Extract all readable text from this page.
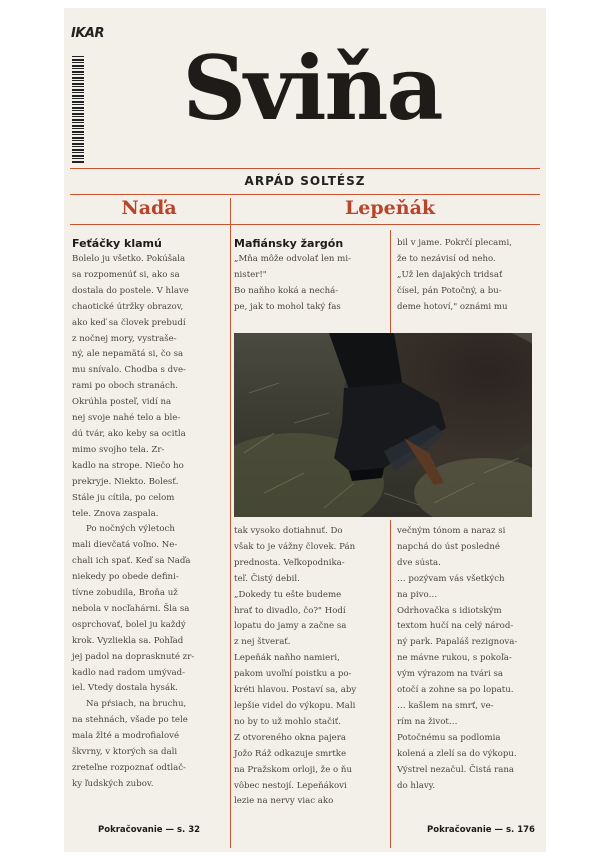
IKAR
Sviňa
ARPÁD SOLTÉSZ
Naďa	Lepeňák
Feťáčky klamú

Bolelo ju všetko. Pokúšala

sa rozpomenúť si, ako sa

dostala do postele. V hlave

chaotické útržky obrazov,

ako keď sa človek prebudí

z nočnej mory, vystraše-

ný, ale nepamätá si, čo sa

mu snívalo. Chodba s dve-

rami po oboch stranách.

Okrúhla posteľ, vidí na

nej svoje nahé telo a ble-

dú tvár, ako keby sa ocitla

mimo svojho tela. Zr-

kadlo na strope. Niečo ho

prekryje. Niekto. Bolesť.

Stále ju cítila, po celom

tele. Znova zaspala.

Po nočných výletoch

mali dievčatá voľno. Ne-

chali ich spať. Keď sa Naďa

niekedy po obede defini-

tívne zobudila, Broňa už

nebola v nocľahárni. Šla sa

osprchovať, bolel ju každý

krok. Vyzliekla sa. Pohľad

jej padol na doprasknuté zr-

kadlo nad radom umývad-

iel. Vtedy dostala hysák.

Na pŕsiach, na bruchu,

na stehnách, všade po tele

mala žlté a modrofialové

škvrny, v ktorých sa dali

zreteľne rozpoznať odtlač-

ky ľudských zubov.

Pokračovanie — s. 32
Mafiánsky žargón

„Mňa môže odvolať len mi-

nister!"

Bo naňho koká a nechá-

pe, jak to mohol taký fas

bil v jame. Pokrčí plecami,

že to nezávisí od neho.

„Už len dajakých tridsať

čísel, pán Potočný, a bu-

deme hotoví," oznámi mu

tak vysoko dotiahnuť. Do

však to je vážny človek. Pán

prednosta. Veľkopodnika-

teľ. Čistý debil.

„Dokedy tu ešte budeme

hrať to divadlo, čo?" Hodí

lopatu do jamy a začne sa

z nej štverať.

Lepeňák naňho namieri,

pakom uvoľní poistku a po-

kréti hlavou. Postaví sa, aby

lepšie videl do výkopu. Mali

no by to už mohlo stačiť.

Z otvoreného okna pajera

Jožo Ráž odkazuje smrtke

na Pražskom orloji, že o ňu

vôbec nestojí. Lepeňákovi

lezie na nervy viac ako

večným tónom a naraz si

napchá do úst posledné

dve sústa.

… pozývam vás všetkých

na pivo…

Odrhovačka s idiotským

textom hučí na celý národ-

ný park. Papaláš rezignova-

ne mávne rukou, s pokoľa-

vým výrazom na tvári sa

otočí a zohne sa po lopatu.

… kašlem na smrť, ve-

rím na život…

Potočnému sa podlomia

kolená a zlelí sa do výkopu.

Výstrel nezačul. Čistá rana

do hlavy.

Pokračovanie — s. 176
